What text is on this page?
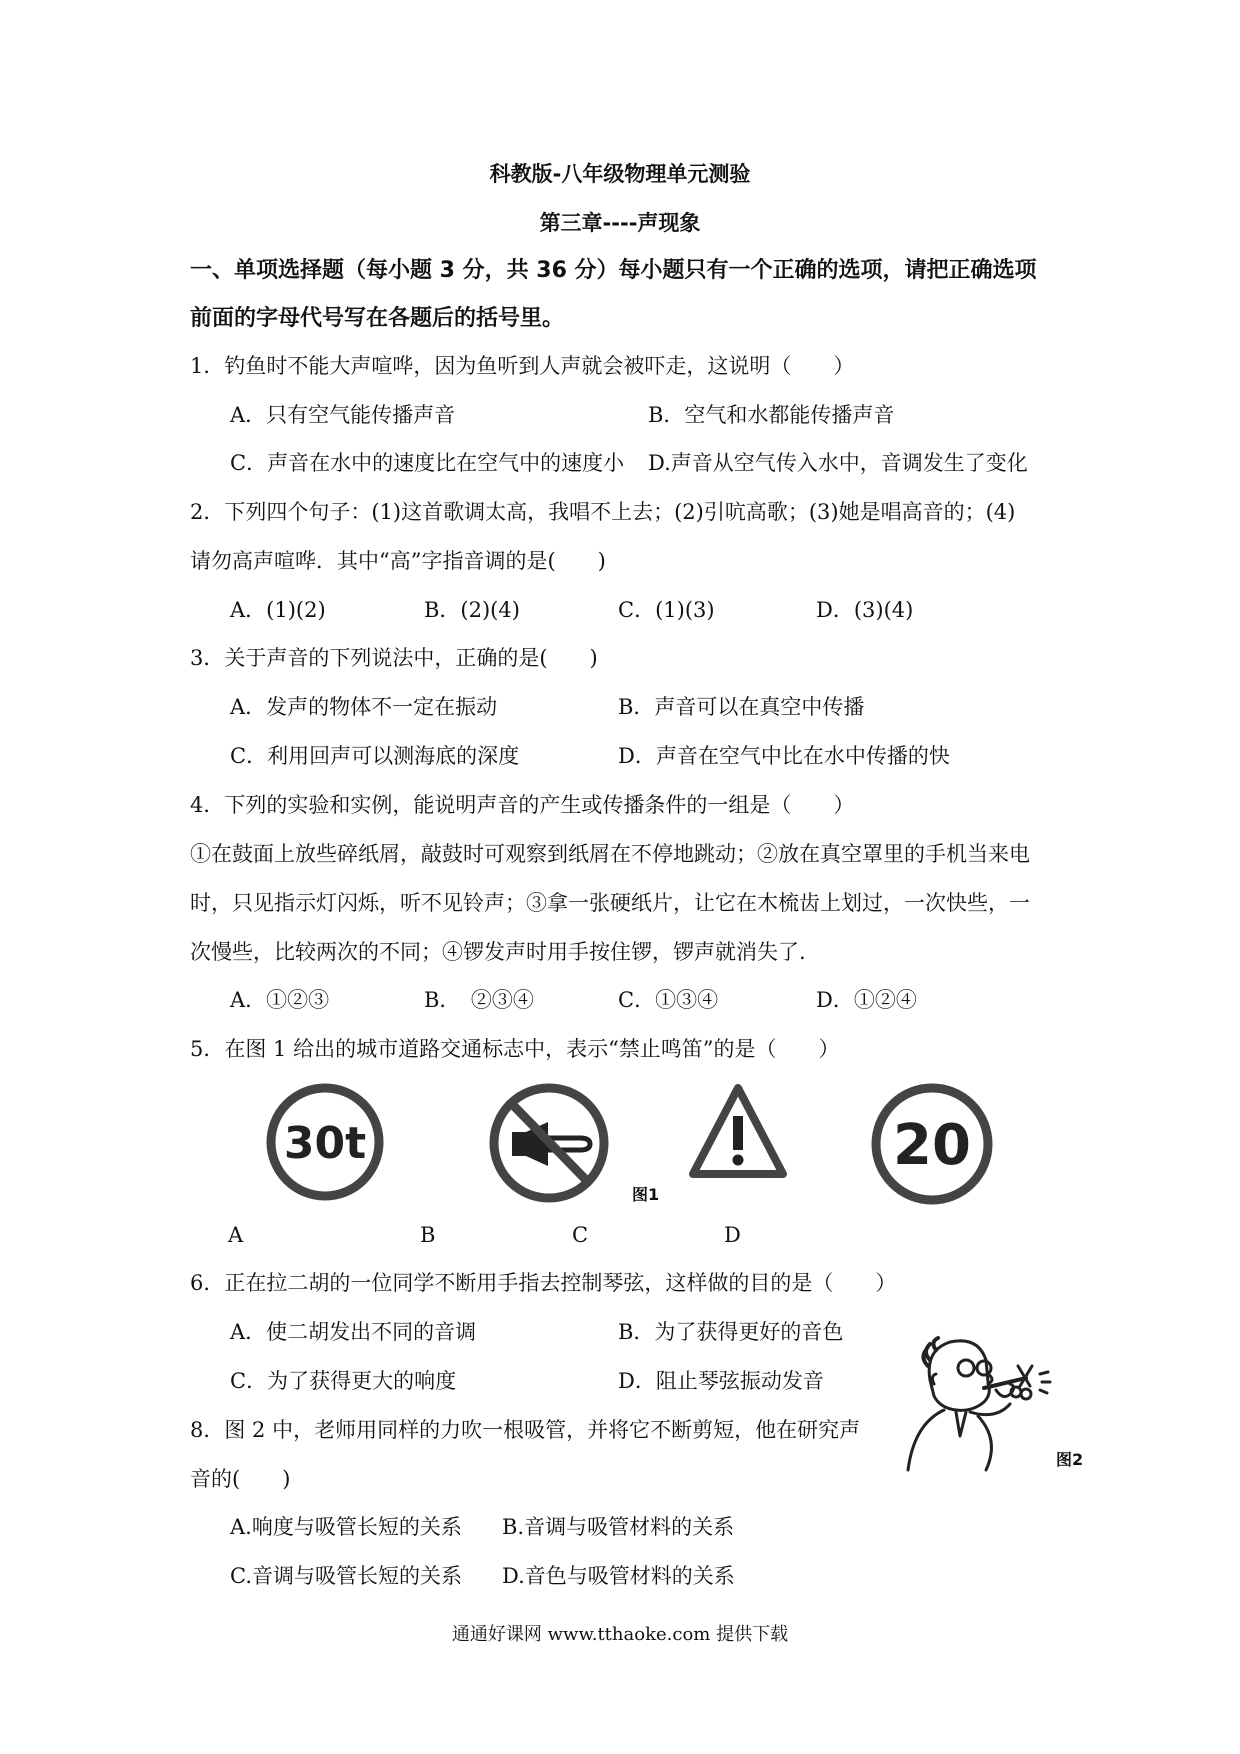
科教版-八年级物理单元测验
第三章----声现象
一、单项选择题（每小题 3 分，共 36 分）每小题只有一个正确的选项，请把正确选项
前面的字母代号写在各题后的括号里。
1．钓鱼时不能大声喧哗，因为鱼听到人声就会被吓走，这说明（　　）
A．只有空气能传播声音	B．空气和水都能传播声音
C．声音在水中的速度比在空气中的速度小 D.声音从空气传入水中，音调发生了变化
2．下列四个句子：(1)这首歌调太高，我唱不上去；(2)引吭高歌；(3)她是唱高音的；(4)
请勿高声喧哗．其中“高”字指音调的是(　　)
A．(1)(2)	B．(2)(4)	C．(1)(3)	D．(3)(4)
3．关于声音的下列说法中，正确的是(　　)
A．发声的物体不一定在振动	B．声音可以在真空中传播
C．利用回声可以测海底的深度	D．声音在空气中比在水中传播的快
4．下列的实验和实例，能说明声音的产生或传播条件的一组是（　　）
①在鼓面上放些碎纸屑，敲鼓时可观察到纸屑在不停地跳动；②放在真空罩里的手机当来电
时，只见指示灯闪烁，听不见铃声；③拿一张硬纸片，让它在木梳齿上划过，一次快些，一
次慢些，比较两次的不同；④锣发声时用手按住锣，锣声就消失了.
A．①②③	B．　②③④	C．①③④	D．①②④
5．在图 1 给出的城市道路交通标志中，表示“禁止鸣笛”的是（　　）
30t	20
图1
A	B	C	D
6．正在拉二胡的一位同学不断用手指去控制琴弦，这样做的目的是（　　）
A．使二胡发出不同的音调	B．为了获得更好的音色
C．为了获得更大的响度	D．阻止琴弦振动发音
图2
8．图 2 中，老师用同样的力吹一根吸管，并将它不断剪短，他在研究声
音的(　　)
A.响度与吸管长短的关系 B.音调与吸管材料的关系
C.音调与吸管长短的关系 D.音色与吸管材料的关系
通通好课网 www.tthaoke.com 提供下载
